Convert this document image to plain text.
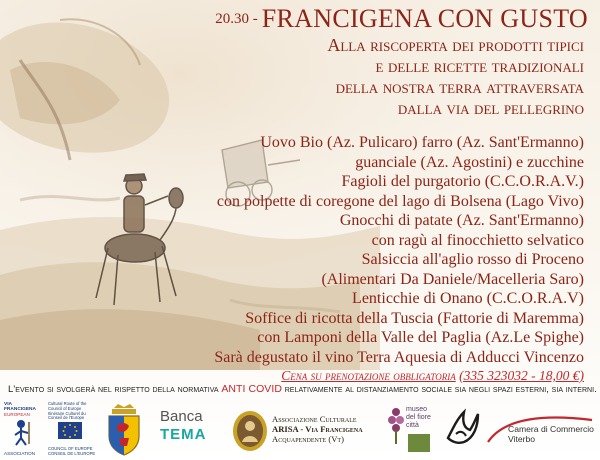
20.30 - FRANCIGENA CON GUSTO
Alla riscoperta dei prodotti tipici
e delle ricette tradizionali
della nostra terra attraversata
dalla via del pellegrino
Uovo Bio (Az. Pulicaro) farro (Az. Sant'Ermanno)
guanciale (Az. Agostini) e zucchine
Fagioli del purgatorio (C.C.O.R.A.V.)
con polpette di coregone del lago di Bolsena (Lago Vivo)
Gnocchi di patate (Az. Sant'Ermanno)
con ragù al finocchietto selvatico
Salsiccia all'aglio rosso di Proceno
(Alimentari Da Daniele/Macelleria Saro)
Lenticchie di Onano (C.C.O.R.A.V)
Soffice di ricotta della Tuscia (Fattorie di Maremma)
con Lamponi della Valle del Paglia (Az.Le Spighe)
Sarà degustato il vino Terra Aquesia di Adducci Vincenzo
Cena su prenotazione obbligatoria (335 323032 - 18,00 €)
L'evento si svolgerà nel rispetto della normativa ANTI COVID relativamente al distanziamento sociale sia negli spazi esterni, sia interni.
VIA FRANCIGENA
EUROPEAN
ASSOCIATION
Cultural Route of the
Council of Europe
Itinéraire Culturel du
Conseil de l'Europe
COUNCIL OF EUROPE
CONSEIL DE L'EUROPE
Banca
TEMA
Associazione Culturale
ARISA - Via Francigena
Acquapendente (Vt)
museo
del fiore
città	Camera di Commercio
Viterbo
